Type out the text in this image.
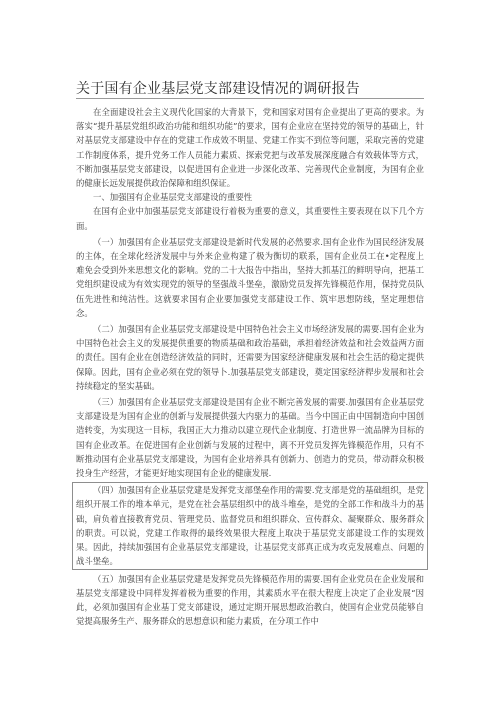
关于国有企业基层党支部建设情况的调研报告

在全面建设社会主义现代化国家的大背景下，党和国家对国有企业提出了更高的要求。为落实“提升基层党组织政治功能和组织功能”的要求，国有企业应在坚持党的领导的基础上，针对基层党支部建设中存在的党建工作成效不明显、党建工作实不到位等问题，采取完善的党建工作制度体系，提升党务工作人员能力素质、探索党把与改革发展深度融合有效载体等方式，不断加强基层党支部建设，以促进国有企业进一步深化改革、完善现代企业制度，为国有企业的健康长远发展提供政治保障和组织保证。

一、加强国有企业基层党支部建设的重要性

在国有企业中加强基层党支部建设行着极为重要的意义，其重要性主要表现在以下几个方面。

（一）加强国有企业基层党支部建设是新时代发展的必然要求.国有企业作为国民经济发展的主体，在全球化经济发展中与外来企业构建了极为衡切的联系，国有企业员工在•定程度上难免会受到外来思想文化的影响。党的二十大报告中指出，坚持大抓基江的鲜明导向，把基工党组织建设成为有效实现党的领导的坚强战斗堡垒，激励党员发挥先锋模范作用，保持党员队伍先进性和纯洁性。这就要求国有企业要加强党支部建设工作、筑牢思想防线，坚定理想信念。

（二）加强国有企业基层党支部建设是中国特色社会主义市场经济发展的需要.国有企业为中国特色社会主义的发展提供重要的物质基础和政治基础，承担着经济效益和社会效益两方面的责任。国有企业在创造经济效益的同时，还需要为国家经济健康发展和社会生活的稳定提供保障。因此，国有企业必须在党的领导卜.加强基层党支部建设，奠定国家经济桿步发展和社会持续稳定的坚实基础。

（三）加强国有企业基层党支部建设是国有企业不断完善发展的需要.加强国有企业基层党支部建设是为国有企业的创新与发展提供强大内驱力的基础。当今中国正由中国制造向中国创造转变，为实现这一目标，我国正大力推动以建立现代企业制度、打造世界一流品牌为目标的国有企业改革。在促进国有企业创新与发展的过程中，离不开党员发挥先锋模范作用，只有不断推动国有企业基层党支部建设，为国有企业培养具有创新力、创造力的党员，带动群众积极投身生产经营，才能更好地实现国有企业的健康发展.

（四）加强国有企业基层党建是发挥党支部堡垒作用的需要.党支部是党的基础组织，是党组织开展工作的堆本单元，是党在社会基层组织中的战斗堆垒，是党的全部工作和战斗力的基础，肩负着直接教育党员、管理党员、监督党员和组织群众、宣传群众、凝聚群众、服务群众的职责。可以说，党建工作取得的最终效果很大程度上取决于基层党支部建设工作的实现效果。因此，持续加强国有企业基层党支部建设，让基层党支部真正成为攻克发展难点、问题的战斗堡垒。

（五）加强国有企业基层党建是发挥党员先锋模范作用的需要.国有企业党员在企业发展和基层党支部建设中同样发挥着极为重要的作用，其素质水平在很大程度上决定了企业发展“因此，必须加强国有企业基丁党支部建设，通过定期开展思想政治教白，使国有企业党员能够自觉提高服务生产、服务群众的思想意识和能力素质，在分项工作中
